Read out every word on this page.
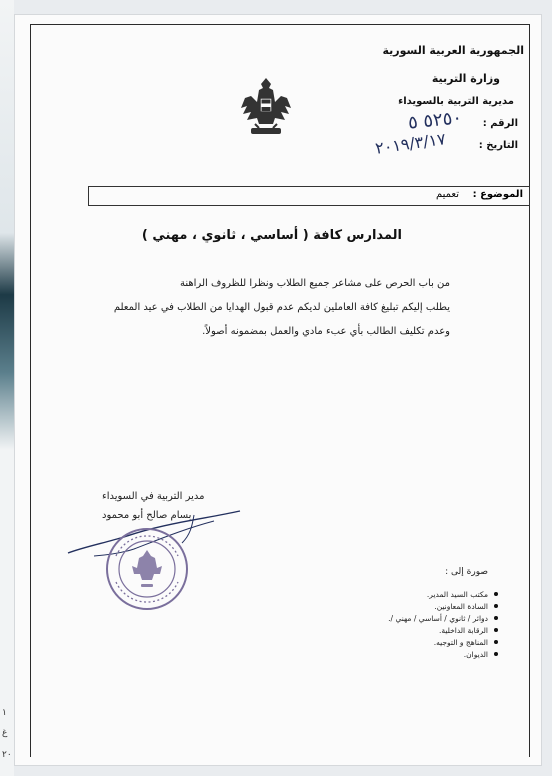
١
غ
٢٠
الجمهورية العربية السورية
وزارة التربية
مديرية التربية بالسويداء
الرقم :
٥٢٥٠ ٥
التاريخ :
٢٠١٩/٣/١٧
الموضوع :
تعميم
المدارس كافة ( أساسي ، ثانوي ، مهني )
من باب الحرص على مشاعر جميع الطلاب ونظرا للظروف الراهنة
يطلب إليكم تبليغ كافة العاملين لديكم عدم قبول الهدايا من الطلاب في عيد المعلم
وعدم تكليف الطالب بأي عبء مادي والعمل بمضمونه أصولاً.
مدير التربية في السويداء
بسام صالح أبو محمود
صورة إلى :
مكتب السيد المدير.
السادة المعاونين.
دوائر / ثانوي / أساسي / مهني /.
الرقابة الداخلية.
المناهج و التوجيه.
الديوان.
